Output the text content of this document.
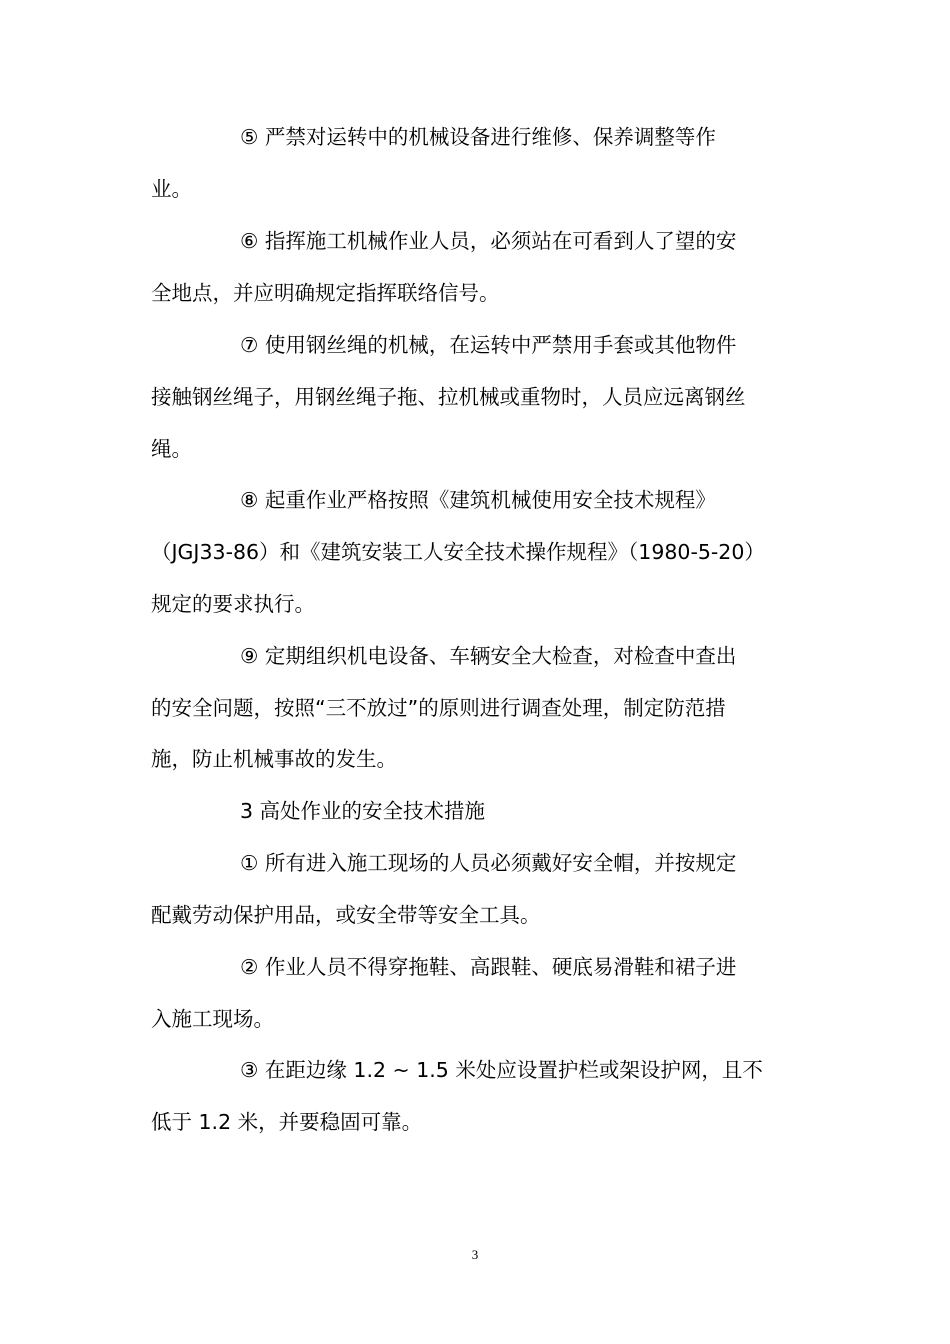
⑤ 严禁对运转中的机械设备进行维修、保养调整等作
业。
⑥ 指挥施工机械作业人员，必须站在可看到人了望的安
全地点，并应明确规定指挥联络信号。
⑦ 使用钢丝绳的机械，在运转中严禁用手套或其他物件
接触钢丝绳子，用钢丝绳子拖、拉机械或重物时，人员应远离钢丝
绳。
⑧ 起重作业严格按照《建筑机械使用安全技术规程》
（JGJ33-86）和《建筑安装工人安全技术操作规程》（1980-5-20）
规定的要求执行。
⑨ 定期组织机电设备、车辆安全大检查，对检查中查出
的安全问题，按照“三不放过”的原则进行调查处理，制定防范措
施，防止机械事故的发生。
3 高处作业的安全技术措施
① 所有进入施工现场的人员必须戴好安全帽，并按规定
配戴劳动保护用品，或安全带等安全工具。
② 作业人员不得穿拖鞋、高跟鞋、硬底易滑鞋和裙子进
入施工现场。
③ 在距边缘 1.2 ~ 1.5 米处应设置护栏或架设护网，且不
低于 1.2 米，并要稳固可靠。
3
